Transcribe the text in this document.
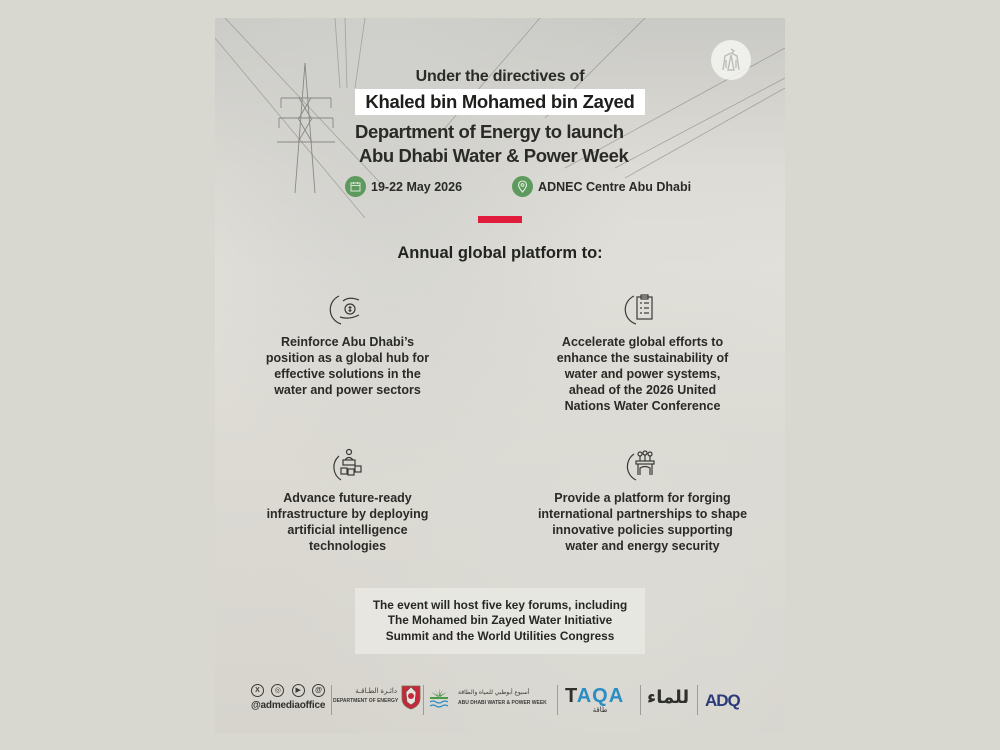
Under the directives of
Khaled bin Mohamed bin Zayed
Department of Energy to launch
Abu Dhabi Water & Power Week
19-22 May 2026	ADNEC Centre Abu Dhabi
Annual global platform to:
Reinforce Abu Dhabi’s position as a global hub for effective solutions in the water and power sectors
Accelerate global efforts to enhance the sustainability of water and power systems, ahead of the 2026 United Nations Water Conference
Advance future-ready infrastructure by deploying artificial intelligence technologies
Provide a platform for forging international partnerships to shape innovative policies supporting water and energy security
The event will host five key forums, including The Mohamed bin Zayed Water Initiative Summit and the World Utilities Congress
X	◎	▶	@
@admediaoffice
دائـرة الطـاقـة
DEPARTMENT OF ENERGY
أسبوع أبوظبي للمياه والطاقة
ABU DHABI WATER & POWER WEEK TAQA
طاقة
للماء ADQ
